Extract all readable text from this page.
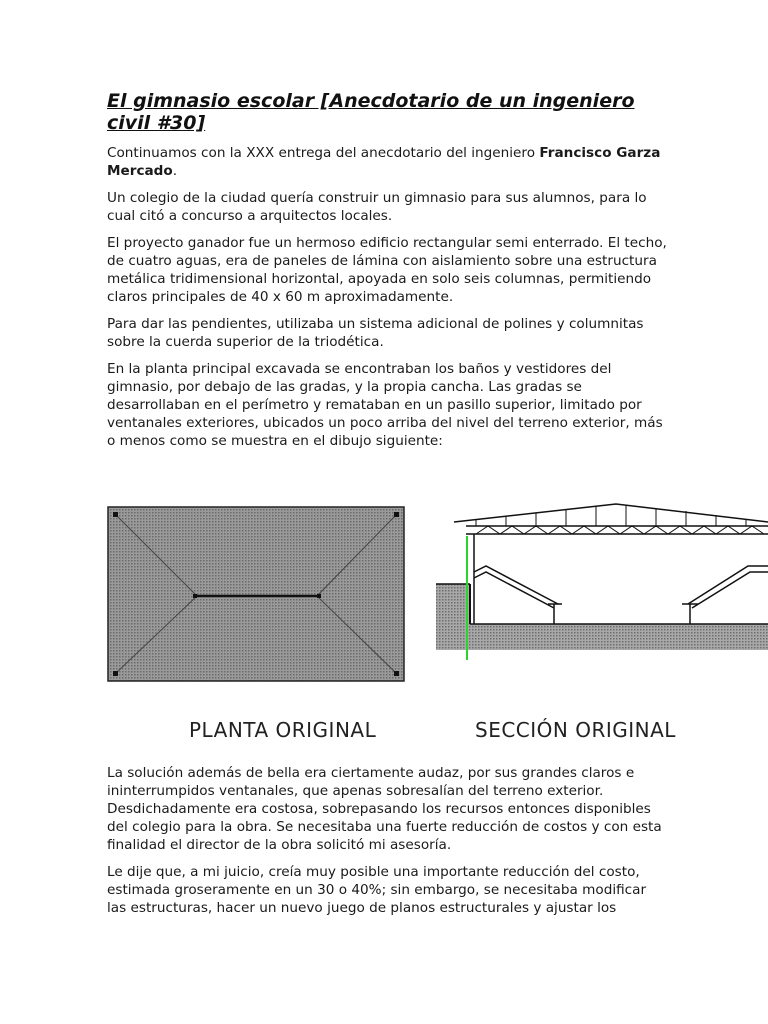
El gimnasio escolar [Anecdotario de un ingeniero civil #30]

Continuamos con la XXX entrega del anecdotario del ingeniero Francisco Garza Mercado.

Un colegio de la ciudad quería construir un gimnasio para sus alumnos, para lo cual citó a concurso a arquitectos locales.

El proyecto ganador fue un hermoso edificio rectangular semi enterrado. El techo, de cuatro aguas, era de paneles de lámina con aislamiento sobre una estructura metálica tridimensional horizontal, apoyada en solo seis columnas, permitiendo claros principales de 40 x 60 m aproximadamente.

Para dar las pendientes, utilizaba un sistema adicional de polines y columnitas sobre la cuerda superior de la triodética.

En la planta principal excavada se encontraban los baños y vestidores del gimnasio, por debajo de las gradas, y la propia cancha. Las gradas se desarrollaban en el perímetro y remataban en un pasillo superior, limitado por ventanales exteriores, ubicados un poco arriba del nivel del terreno exterior, más o menos como se muestra en el dibujo siguiente:

PLANTA ORIGINAL	SECCIÓN ORIGINAL

La solución además de bella era ciertamente audaz, por sus grandes claros e ininterrumpidos ventanales, que apenas sobresalían del terreno exterior. Desdichadamente era costosa, sobrepasando los recursos entonces disponibles del colegio para la obra. Se necesitaba una fuerte reducción de costos y con esta finalidad el director de la obra solicitó mi asesoría.

Le dije que, a mi juicio, creía muy posible una importante reducción del costo, estimada groseramente en un 30 o 40%; sin embargo, se necesitaba modificar las estructuras, hacer un nuevo juego de planos estructurales y ajustar los
